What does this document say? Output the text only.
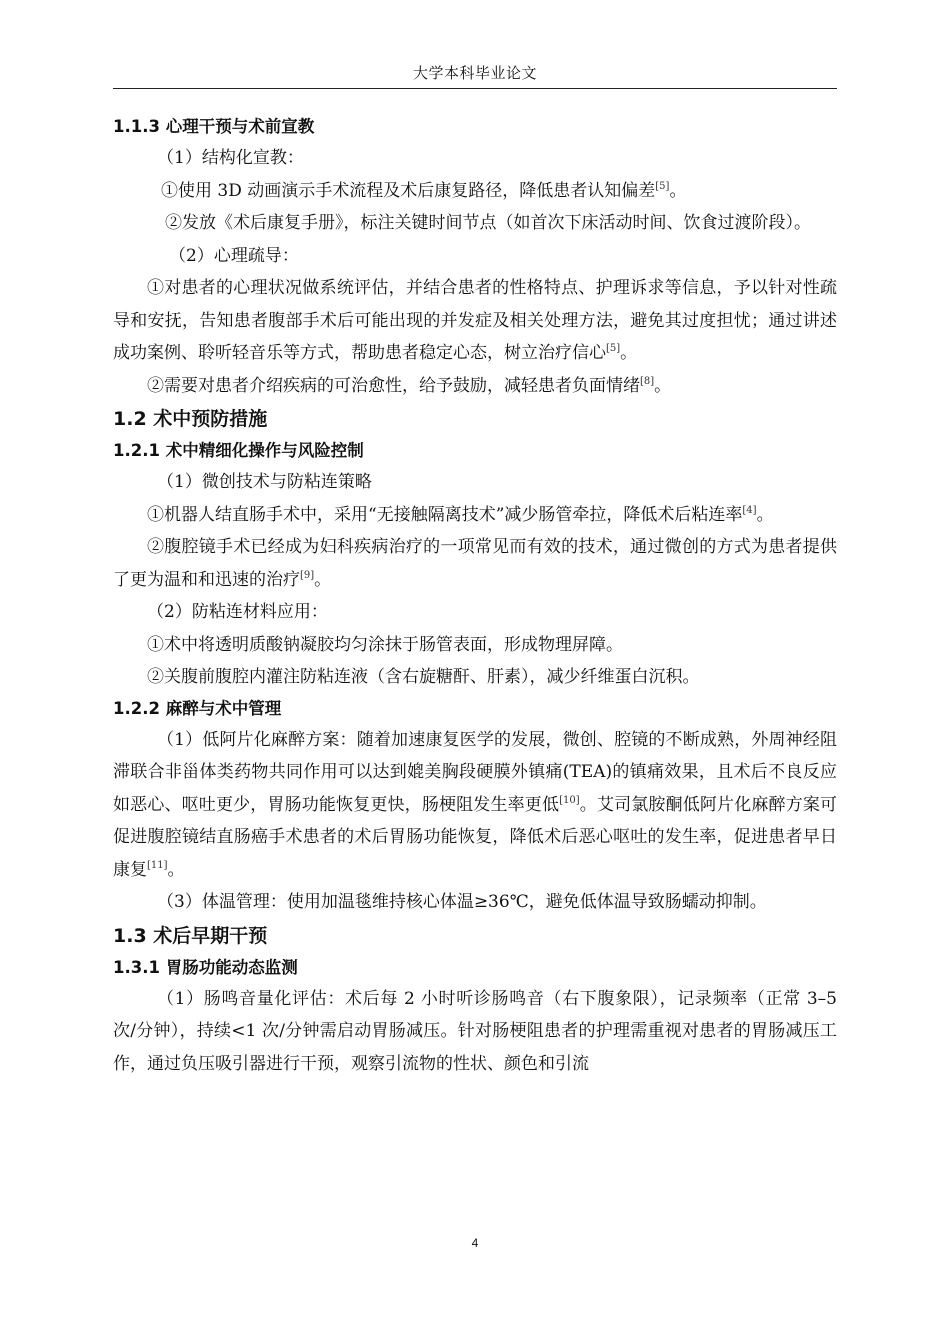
大学本科毕业论文
1.1.3 心理干预与术前宣教

（1）结构化宣教：

①使用 3D 动画演示手术流程及术后康复路径，降低患者认知偏差[5]。

②发放《术后康复手册》，标注关键时间节点（如首次下床活动时间、饮食过渡阶段）。

（2）心理疏导：

①对患者的心理状况做系统评估，并结合患者的性格特点、护理诉求等信息，予以针对性疏导和安抚，告知患者腹部手术后可能出现的并发症及相关处理方法，避免其过度担忧；通过讲述成功案例、聆听轻音乐等方式，帮助患者稳定心态，树立治疗信心[5]。

②需要对患者介绍疾病的可治愈性，给予鼓励，减轻患者负面情绪[8]。

1.2 术中预防措施
1.2.1 术中精细化操作与风险控制

（1）微创技术与防粘连策略

①机器人结直肠手术中，采用“无接触隔离技术”减少肠管牵拉，降低术后粘连率[4]。

②腹腔镜手术已经成为妇科疾病治疗的一项常见而有效的技术，通过微创的方式为患者提供了更为温和和迅速的治疗[9]。

（2）防粘连材料应用：

①术中将透明质酸钠凝胶均匀涂抹于肠管表面，形成物理屏障。

②关腹前腹腔内灌注防粘连液（含右旋糖酐、肝素），减少纤维蛋白沉积。

1.2.2 麻醉与术中管理

（1）低阿片化麻醉方案：随着加速康复医学的发展，微创、腔镜的不断成熟，外周神经阻滞联合非甾体类药物共同作用可以达到媲美胸段硬膜外镇痛(TEA)的镇痛效果，且术后不良反应如恶心、呕吐更少，胃肠功能恢复更快，肠梗阻发生率更低[10]。艾司氯胺酮低阿片化麻醉方案可促进腹腔镜结直肠癌手术患者的术后胃肠功能恢复，降低术后恶心呕吐的发生率，促进患者早日康复[11]。

（3）体温管理：使用加温毯维持核心体温≥36℃，避免低体温导致肠蠕动抑制。

1.3 术后早期干预
1.3.1 胃肠功能动态监测

（1）肠鸣音量化评估：术后每 2 小时听诊肠鸣音（右下腹象限），记录频率（正常 3–5 次/分钟），持续<1 次/分钟需启动胃肠减压。针对肠梗阻患者的护理需重视对患者的胃肠减压工作，通过负压吸引器进行干预，观察引流物的性状、颜色和引流

4
